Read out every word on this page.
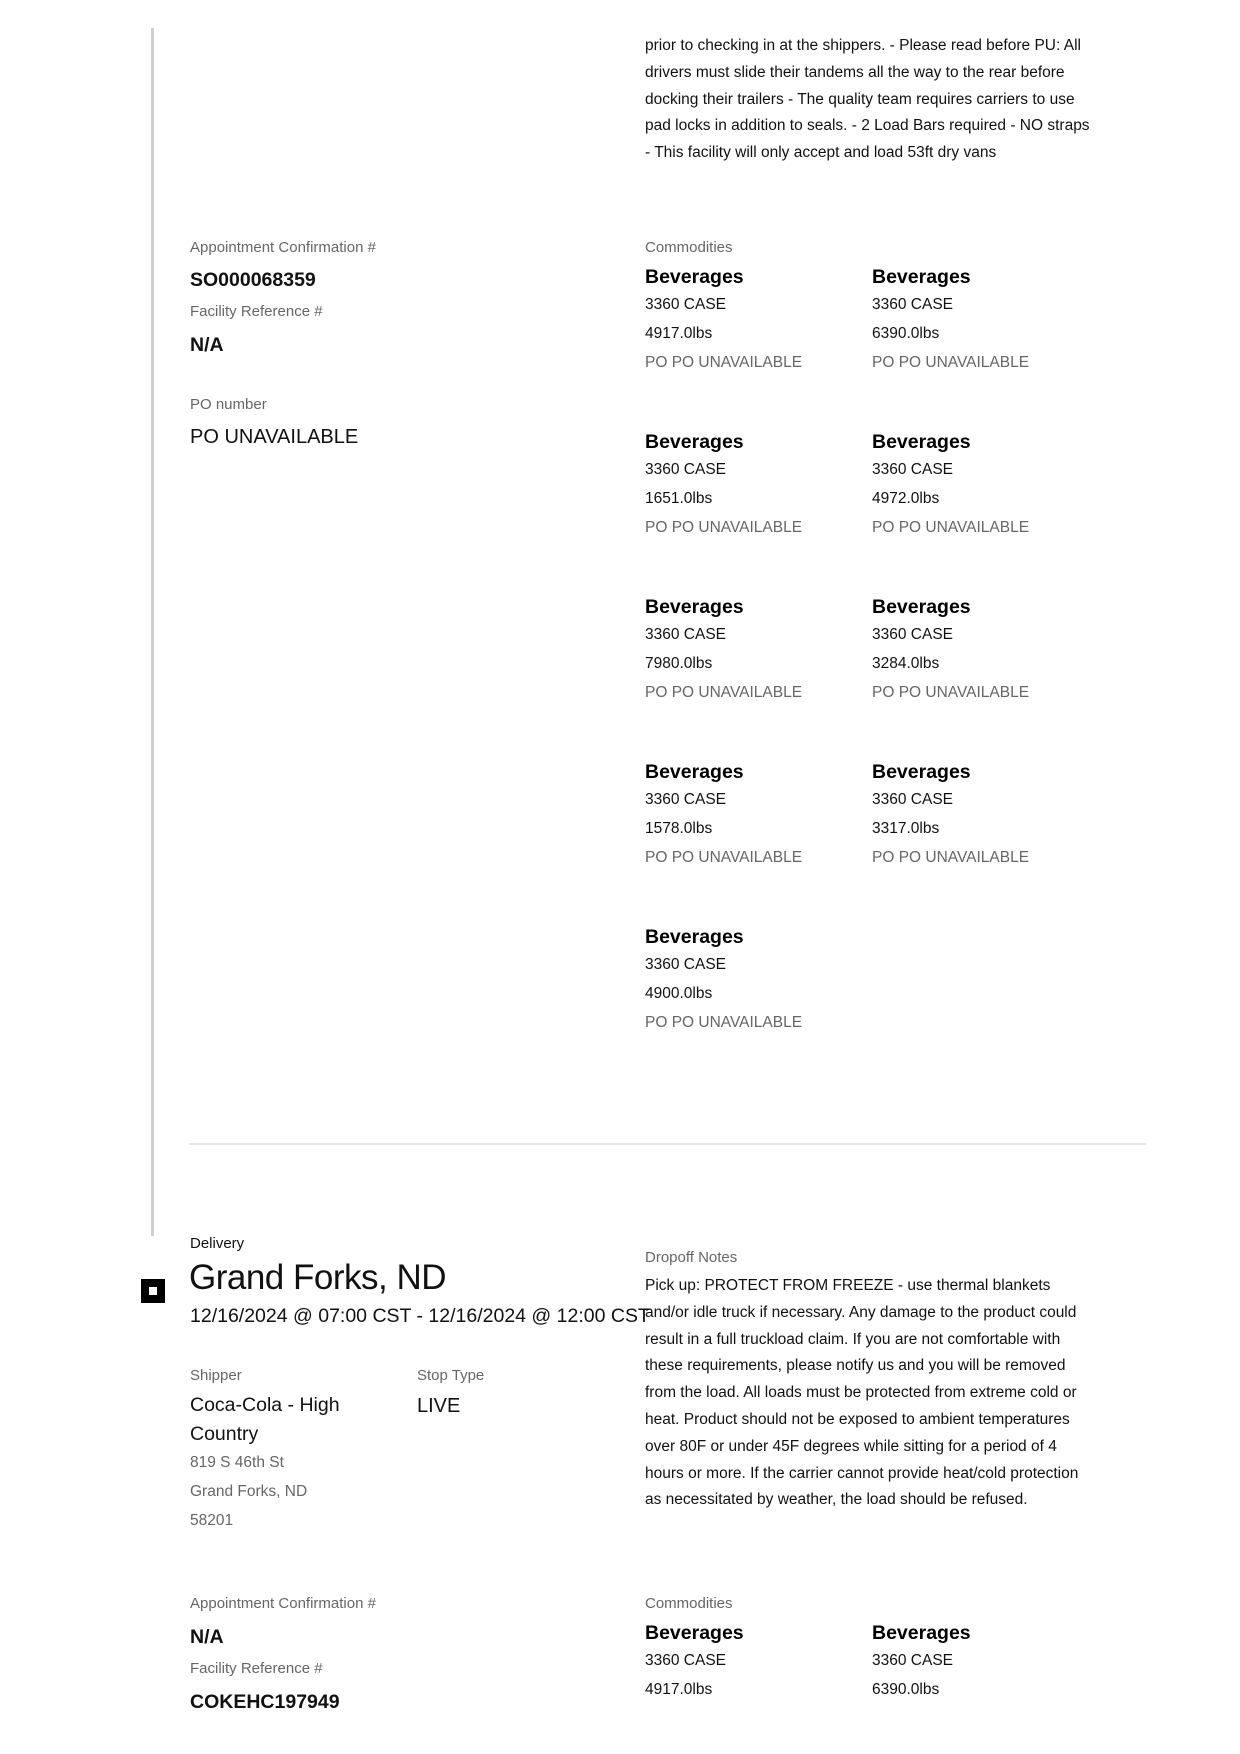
prior to checking in at the shippers. - Please read before PU: All drivers must slide their tandems all the way to the rear before docking their trailers - The quality team requires carriers to use pad locks in addition to seals. - 2 Load Bars required - NO straps - This facility will only accept and load 53ft dry vans
Appointment Confirmation #
SO000068359
Facility Reference #
N/A
PO number
PO UNAVAILABLE
Commodities
Beverages
3360 CASE
4917.0lbs
PO PO UNAVAILABLE
Beverages
3360 CASE
6390.0lbs
PO PO UNAVAILABLE
Beverages
3360 CASE
1651.0lbs
PO PO UNAVAILABLE
Beverages
3360 CASE
4972.0lbs
PO PO UNAVAILABLE
Beverages
3360 CASE
7980.0lbs
PO PO UNAVAILABLE
Beverages
3360 CASE
3284.0lbs
PO PO UNAVAILABLE
Beverages
3360 CASE
1578.0lbs
PO PO UNAVAILABLE
Beverages
3360 CASE
3317.0lbs
PO PO UNAVAILABLE
Beverages
3360 CASE
4900.0lbs
PO PO UNAVAILABLE
Delivery
Grand Forks, ND
12/16/2024 @ 07:00 CST - 12/16/2024 @ 12:00 CST
Shipper
Coca-Cola - High Country
819 S 46th St
Grand Forks, ND
58201
Stop Type
LIVE
Dropoff Notes
Pick up: PROTECT FROM FREEZE - use thermal blankets and/or idle truck if necessary. Any damage to the product could result in a full truckload claim. If you are not comfortable with these requirements, please notify us and you will be removed from the load. All loads must be protected from extreme cold or heat. Product should not be exposed to ambient temperatures over 80F or under 45F degrees while sitting for a period of 4 hours or more. If the carrier cannot provide heat/cold protection as necessitated by weather, the load should be refused.
Appointment Confirmation #
N/A
Facility Reference #
COKEHC197949
Commodities
Beverages
3360 CASE
4917.0lbs
Beverages
3360 CASE
6390.0lbs
